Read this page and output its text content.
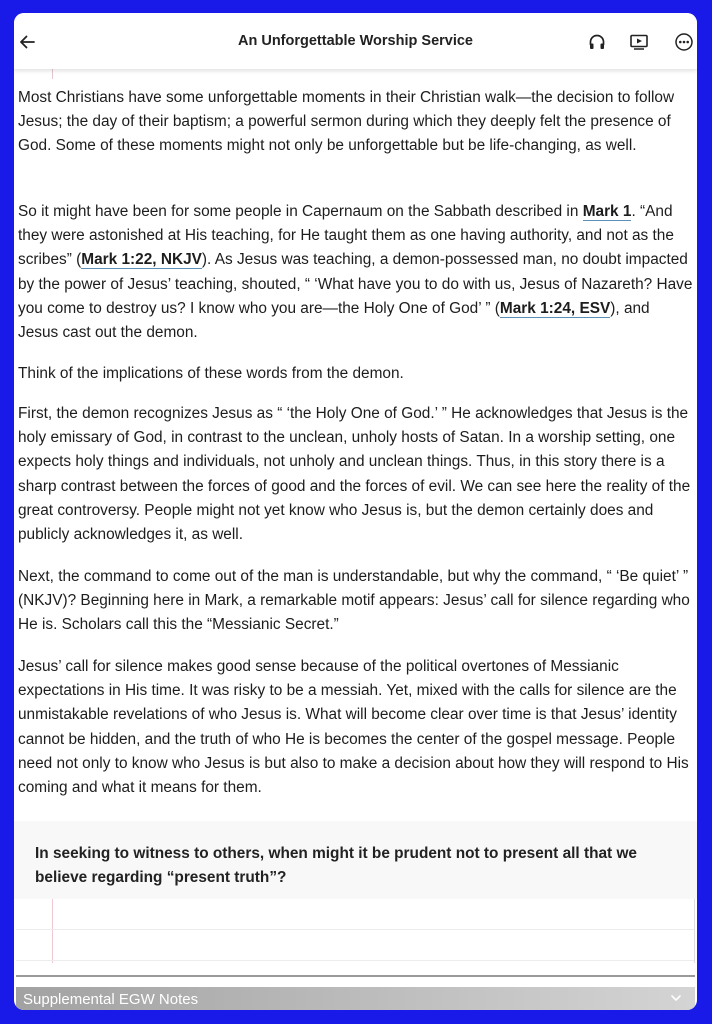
An Unforgettable Worship Service

Most Christians have some unforgettable moments in their Christian walk—the decision to follow Jesus; the day of their baptism; a powerful sermon during which they deeply felt the presence of God. Some of these moments might not only be unforgettable but be life-changing, as well.

So it might have been for some people in Capernaum on the Sabbath described in Mark 1. “And they were astonished at His teaching, for He taught them as one having authority, and not as the scribes” (Mark 1:22, NKJV). As Jesus was teaching, a demon-possessed man, no doubt impacted by the power of Jesus’ teaching, shouted, “ ‘What have you to do with us, Jesus of Nazareth? Have you come to destroy us? I know who you are—the Holy One of God’ ” (Mark 1:24, ESV), and Jesus cast out the demon.

Think of the implications of these words from the demon.

First, the demon recognizes Jesus as “ ‘the Holy One of God.’ ” He acknowledges that Jesus is the holy emissary of God, in contrast to the unclean, unholy hosts of Satan. In a worship setting, one expects holy things and individuals, not unholy and unclean things. Thus, in this story there is a sharp contrast between the forces of good and the forces of evil. We can see here the reality of the great controversy. People might not yet know who Jesus is, but the demon certainly does and publicly acknowledges it, as well.

Next, the command to come out of the man is understandable, but why the command, “ ‘Be quiet’ ” (NKJV)? Beginning here in Mark, a remarkable motif appears: Jesus’ call for silence regarding who He is. Scholars call this the “Messianic Secret.”

Jesus’ call for silence makes good sense because of the political overtones of Messianic expectations in His time. It was risky to be a messiah. Yet, mixed with the calls for silence are the unmistakable revelations of who Jesus is. What will become clear over time is that Jesus’ identity cannot be hidden, and the truth of who He is becomes the center of the gospel message. People need not only to know who Jesus is but also to make a decision about how they will respond to His coming and what it means for them.

In seeking to witness to others, when might it be prudent not to present all that we believe regarding “present truth”?
Supplemental EGW Notes
